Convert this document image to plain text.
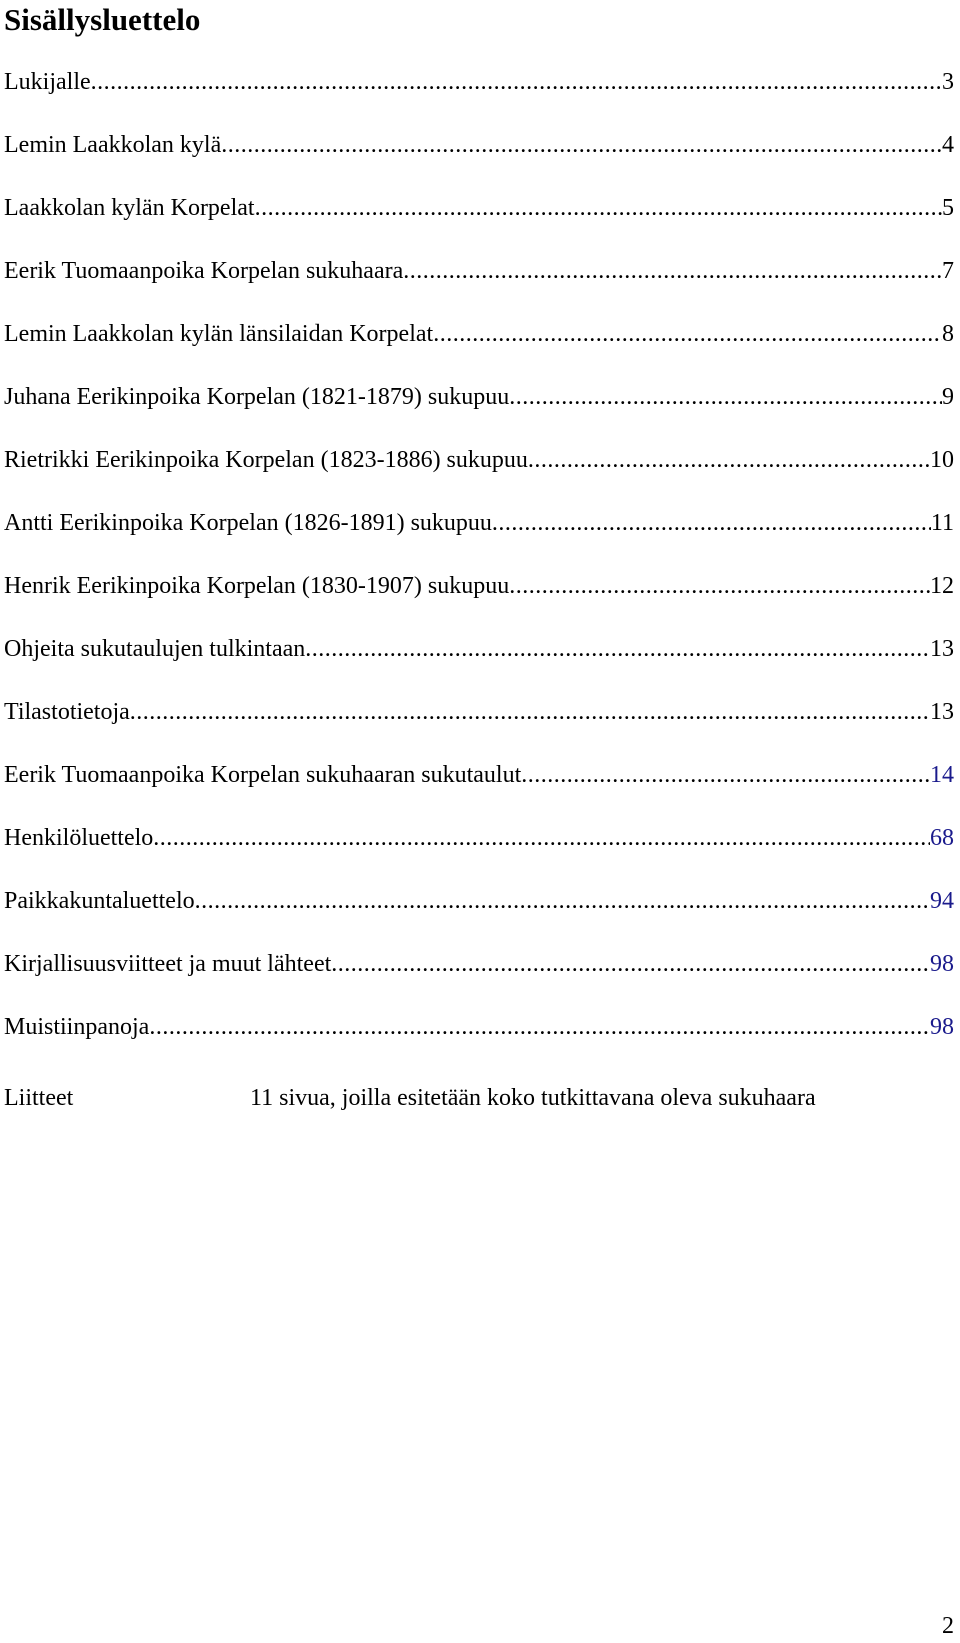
Sisällysluettelo
Lukijalle .....	3
Lemin Laakkolan kylä .....	4
Laakkolan kylän Korpelat .....	5
Eerik Tuomaanpoika Korpelan sukuhaara .....	7
Lemin Laakkolan kylän länsilaidan Korpelat .....	8
Juhana Eerikinpoika Korpelan (1821-1879) sukupuu .....	9
Rietrikki Eerikinpoika Korpelan (1823-1886) sukupuu .....	10
Antti Eerikinpoika Korpelan (1826-1891) sukupuu .....	11
Henrik Eerikinpoika Korpelan (1830-1907) sukupuu .....	12
Ohjeita sukutaulujen tulkintaan .....	13
Tilastotietoja .....	13
Eerik Tuomaanpoika Korpelan sukuhaaran sukutaulut .....	14
Henkilöluettelo .....	68
Paikkakuntaluettelo .....	94
Kirjallisuusviitteet ja muut lähteet .....	98
Muistiinpanoja .....	98
Liitteet	11 sivua, joilla esitetään koko tutkittavana oleva sukuhaara
2
